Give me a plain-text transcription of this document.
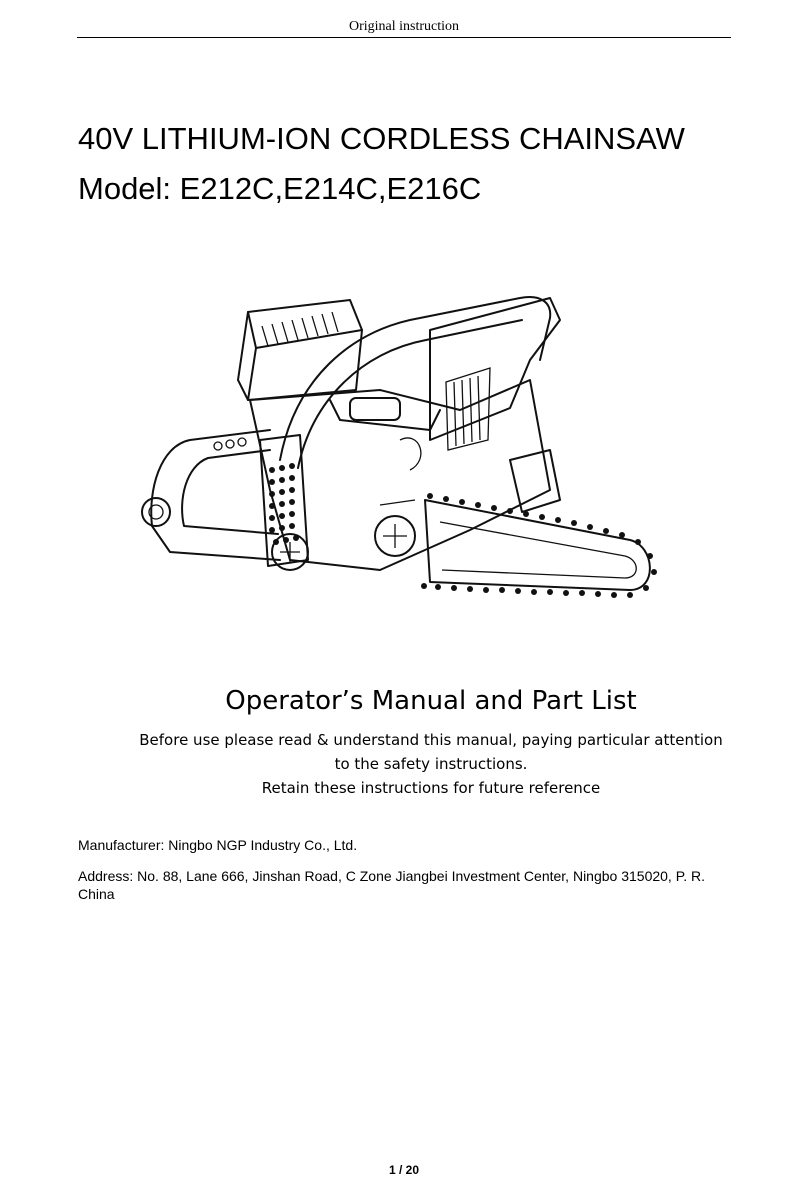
Original instruction
40V LITHIUM-ION CORDLESS CHAINSAW
Model: E212C,E214C,E216C
Operator’s Manual and Part List

Before use please read & understand this manual, paying particular attention

to the safety instructions.

Retain these instructions for future reference

Manufacturer: Ningbo NGP Industry Co., Ltd.

Address: No. 88, Lane 666, Jinshan Road, C Zone Jiangbei Investment Center, Ningbo 315020, P. R. China

1 / 20
